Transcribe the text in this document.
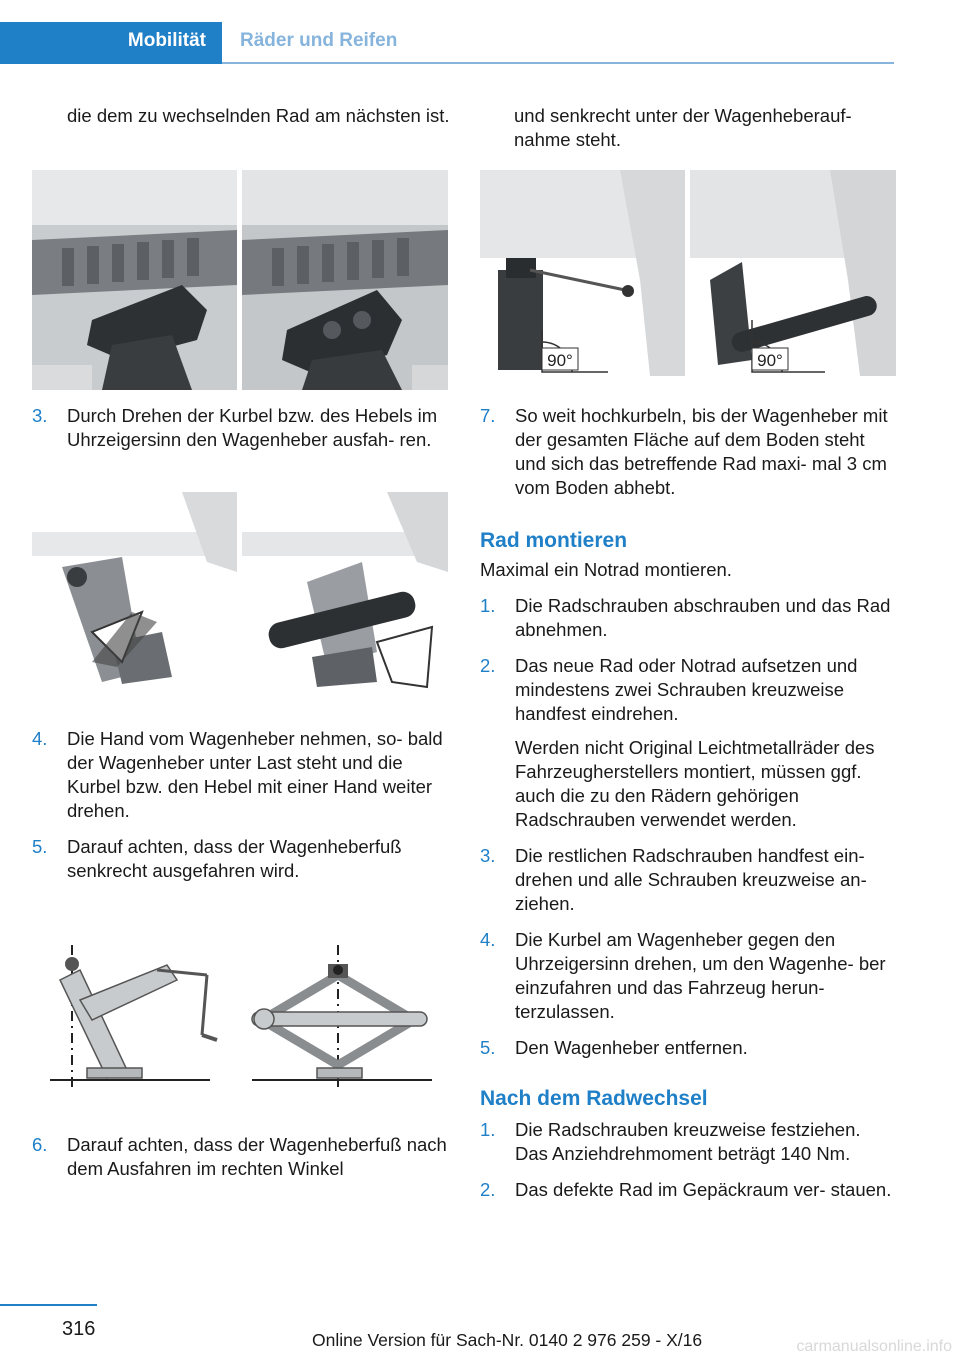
Mobilität Räder und Reifen

die dem zu wechselnden Rad am nächsten ist.

3. Durch Drehen der Kurbel bzw. des Hebels im Uhrzeigersinn den Wagenheber ausfah- ren.

4. Die Hand vom Wagenheber nehmen, so- bald der Wagenheber unter Last steht und die Kurbel bzw. den Hebel mit einer Hand weiter drehen.

5. Darauf achten, dass der Wagenheberfuß senkrecht ausgefahren wird.

6. Darauf achten, dass der Wagenheberfuß nach dem Ausfahren im rechten Winkel

und senkrecht unter der Wagenheberauf- nahme steht.

90°	90°
7. So weit hochkurbeln, bis der Wagenheber mit der gesamten Fläche auf dem Boden steht und sich das betreffende Rad maxi- mal 3 cm vom Boden abhebt.

Rad montieren

Maximal ein Notrad montieren.

1. Die Radschrauben abschrauben und das Rad abnehmen.

2. Das neue Rad oder Notrad aufsetzen und mindestens zwei Schrauben kreuzweise handfest eindrehen.

Werden nicht Original Leichtmetallräder des Fahrzeugherstellers montiert, müssen ggf. auch die zu den Rädern gehörigen Radschrauben verwendet werden.

3. Die restlichen Radschrauben handfest ein- drehen und alle Schrauben kreuzweise an- ziehen.

4. Die Kurbel am Wagenheber gegen den Uhrzeigersinn drehen, um den Wagenhe- ber einzufahren und das Fahrzeug herun- terzulassen.

5. Den Wagenheber entfernen.

Nach dem Radwechsel
1. Die Radschrauben kreuzweise festziehen. Das Anziehdrehmoment beträgt 140 Nm.

2. Das defekte Rad im Gepäckraum ver- stauen.

316	Online Version für Sach-Nr. 0140 2 976 259 - X/16	carmanualsonline.info
